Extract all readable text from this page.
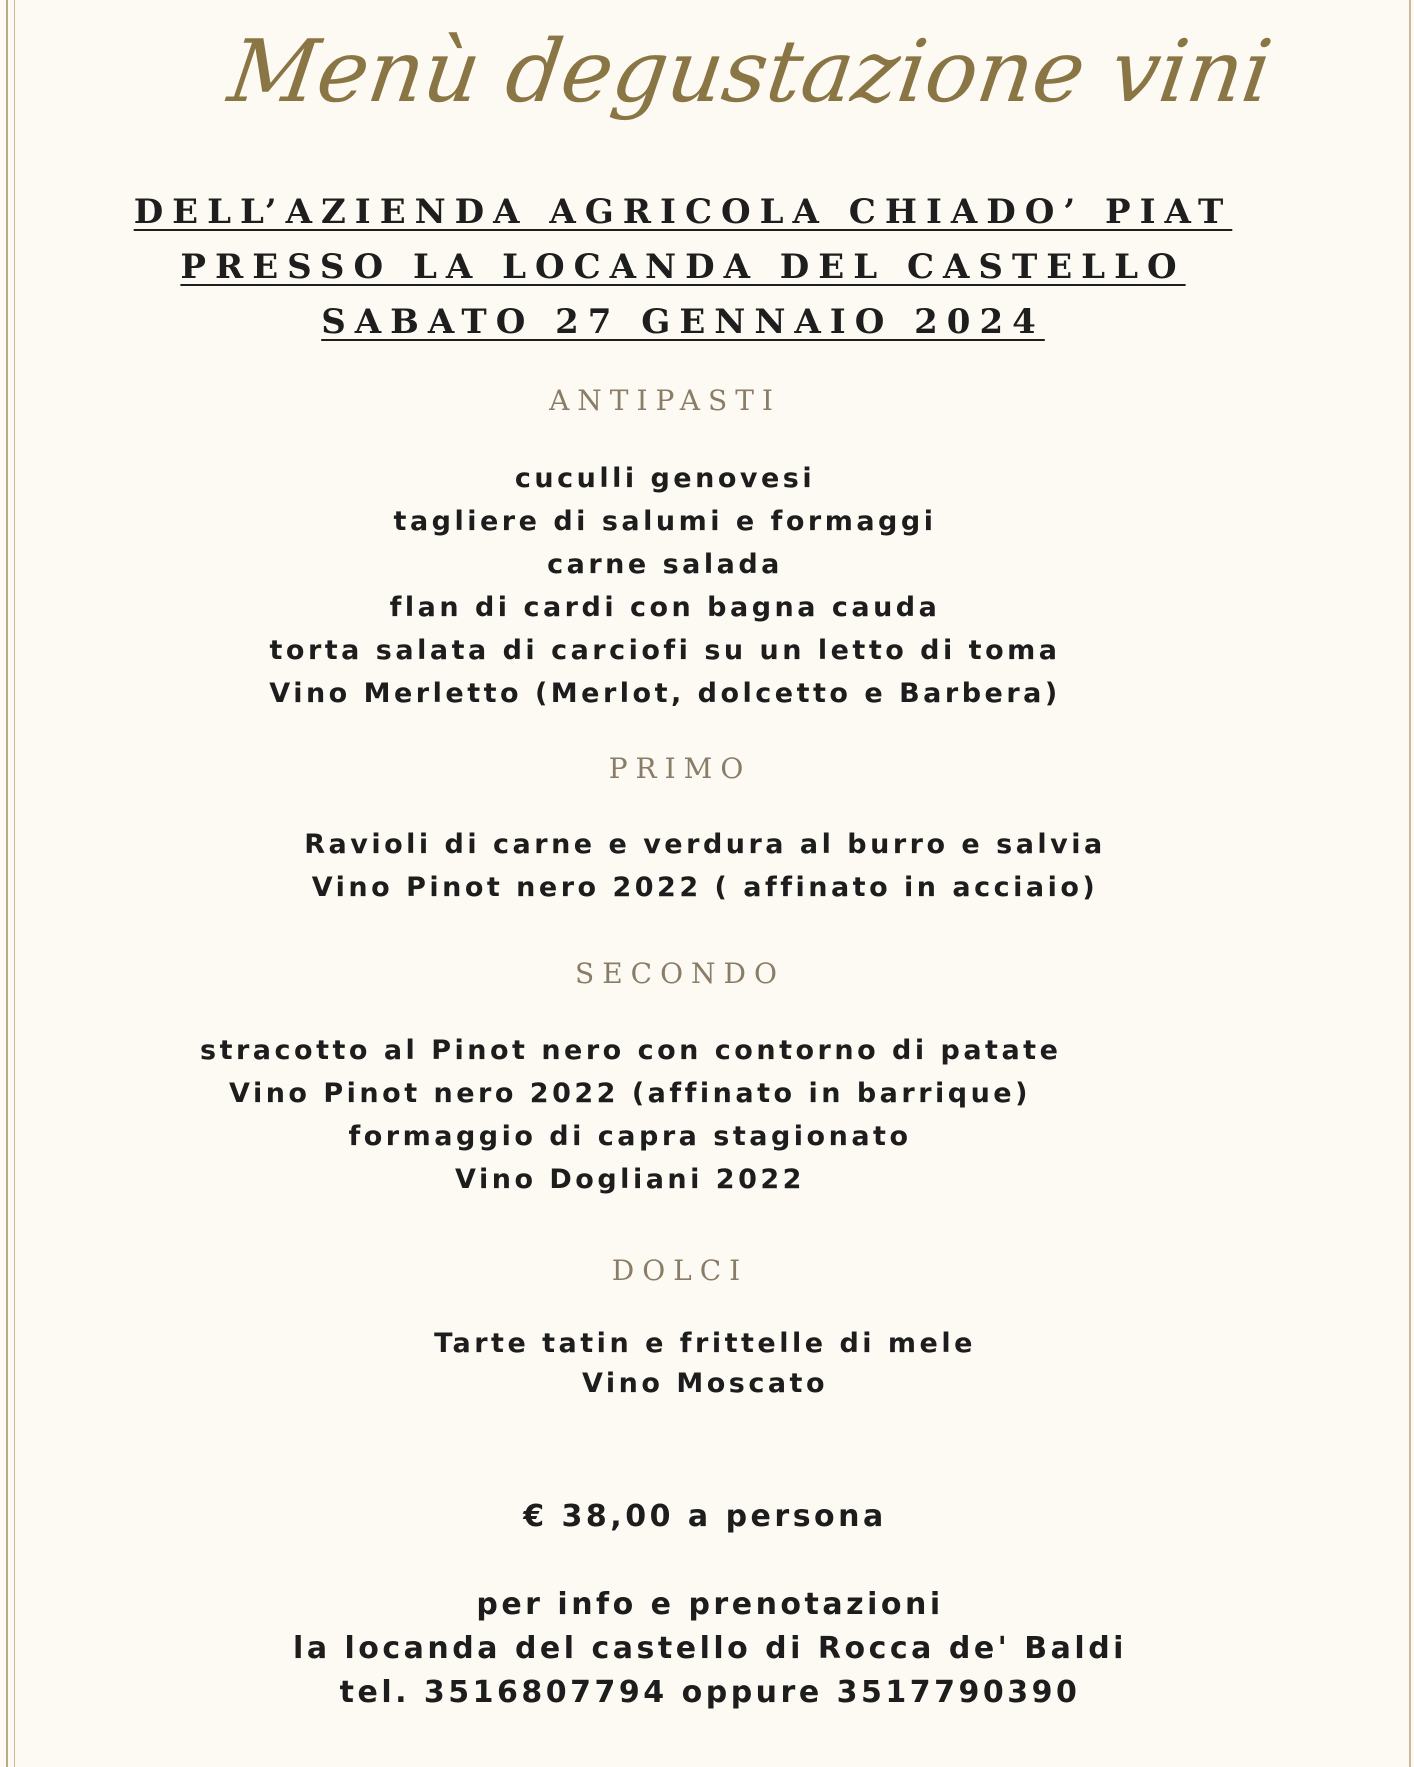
Menù degustazione vini
DELL’AZIENDA AGRICOLA CHIADO’ PIAT
PRESSO LA LOCANDA DEL CASTELLO
SABATO 27 GENNAIO 2024
ANTIPASTI
cuculli genovesi
tagliere di salumi e formaggi
carne salada
flan di cardi con bagna cauda
torta salata di carciofi su un letto di toma
Vino Merletto (Merlot, dolcetto e Barbera)
PRIMO
Ravioli di carne e verdura al burro e salvia
Vino Pinot nero 2022 ( affinato in acciaio)
SECONDO
stracotto al Pinot nero con contorno di patate
Vino Pinot nero 2022 (affinato in barrique)
formaggio di capra stagionato
Vino Dogliani 2022
DOLCI
Tarte tatin e frittelle di mele
Vino Moscato
€ 38,00 a persona
per info e prenotazioni
la locanda del castello di Rocca de' Baldi
tel. 3516807794 oppure 3517790390
